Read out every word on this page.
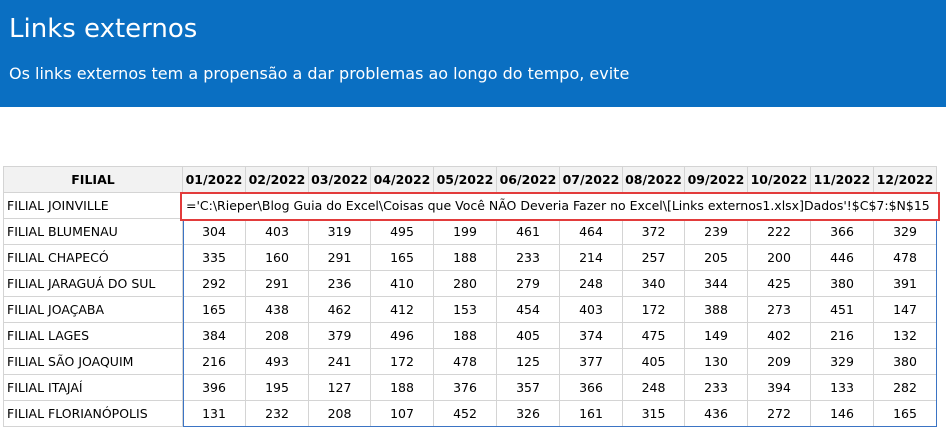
Links externos
Os links externos tem a propensão a dar problemas ao longo do tempo, evite
FILIAL	01/2022	02/2022	03/2022	04/2022	05/2022	06/2022	07/2022	08/2022	09/2022	10/2022	11/2022	12/2022
FILIAL JOINVILLE												
FILIAL BLUMENAU	304	403	319	495	199	461	464	372	239	222	366	329
FILIAL CHAPECÓ	335	160	291	165	188	233	214	257	205	200	446	478
FILIAL JARAGUÁ DO SUL	292	291	236	410	280	279	248	340	344	425	380	391
FILIAL JOAÇABA	165	438	462	412	153	454	403	172	388	273	451	147
FILIAL LAGES	384	208	379	496	188	405	374	475	149	402	216	132
FILIAL SÃO JOAQUIM	216	493	241	172	478	125	377	405	130	209	329	380
FILIAL ITAJAÍ	396	195	127	188	376	357	366	248	233	394	133	282
FILIAL FLORIANÓPOLIS	131	232	208	107	452	326	161	315	436	272	146	165
='C:\Rieper\Blog Guia do Excel\Coisas que Você NÃO Deveria Fazer no Excel\[Links externos1.xlsx]Dados'!$C$7:$N$15
